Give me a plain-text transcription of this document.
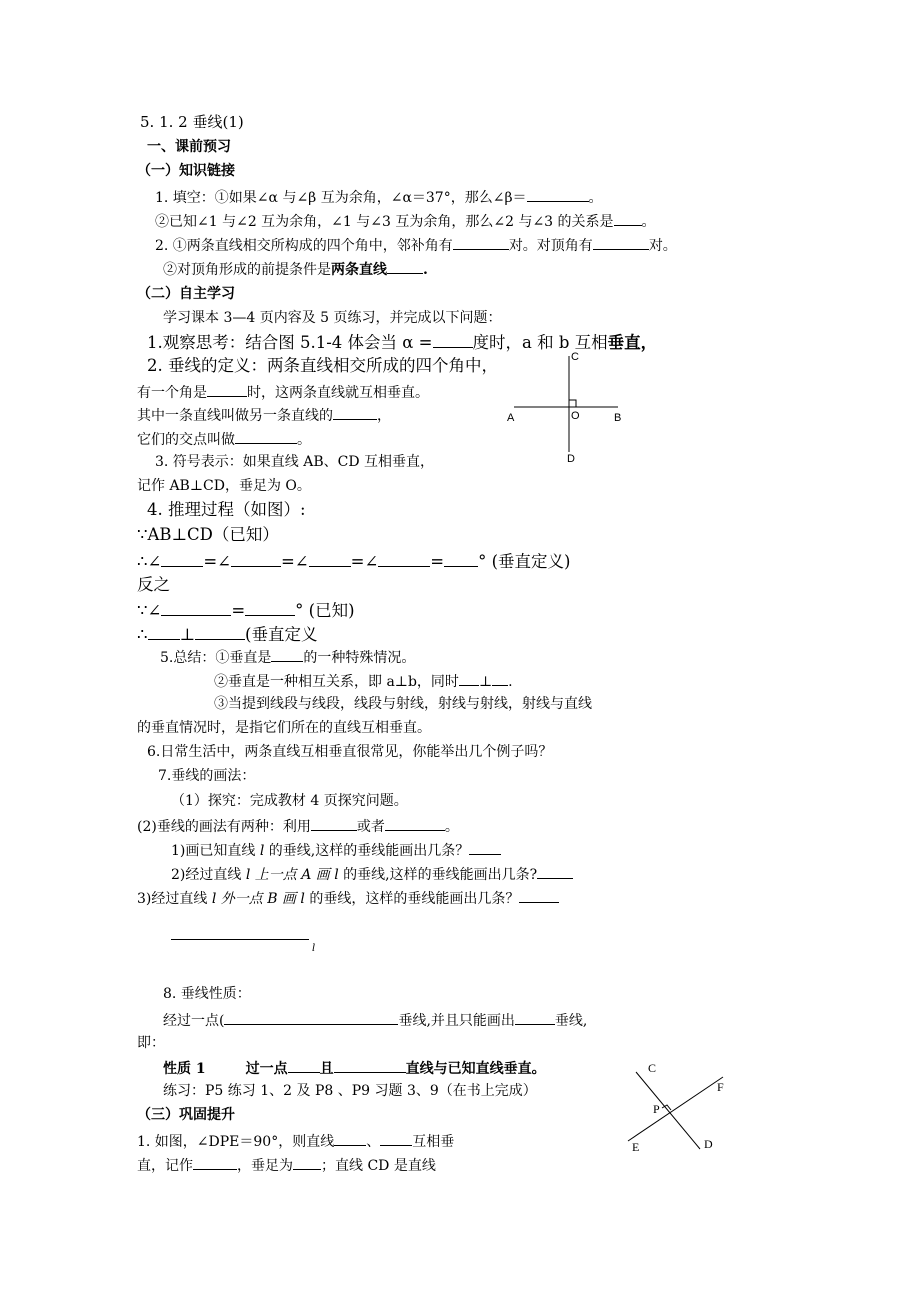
5. 1. 2 垂线(1)
一、课前预习
（一）知识链接
1. 填空：①如果∠α 与∠β 互为余角，∠α＝37°，那么∠β＝	。
②已知∠1 与∠2 互为余角，∠1 与∠3 互为余角，那么∠2 与∠3 的关系是 。
2. ①两条直线相交所构成的四个角中，邻补角有	对。对顶角有	对。
②对顶角形成的前提条件是两条直线	.
（二）自主学习
学习课本 3—4 页内容及 5 页练习，并完成以下问题：
1.观察思考：结合图 5.1-4 体会当 α = 度时，a 和 b 互相垂直，
2. 垂线的定义：两条直线相交所成的四个角中，
有一个角是	时，这两条直线就互相垂直。
其中一条直线叫做另一条直线的	，
它们的交点叫做	。
C
O
A	B
D
3. 符号表示：如果直线 AB、CD 互相垂直，
记作 AB⊥CD，垂足为 O。
4. 推理过程（如图）:
∵AB⊥CD（已知）
∴∠	=∠	=∠	=∠	= ° (垂直定义)
反之
∵∠	=	° (已知)
∴ ⊥	(垂直定义
5.总结：①垂直是 的一种特殊情况。
②垂直是一种相互关系，即 a⊥b，同时 ⊥ .
③当提到线段与线段，线段与射线，射线与射线，射线与直线
的垂直情况时，是指它们所在的直线互相垂直。
6.日常生活中，两条直线互相垂直很常见，你能举出几个例子吗？
7.垂线的画法：
（1）探究：完成教材 4 页探究问题。
(2)垂线的画法有两种：利用	或者	。
1)画已知直线 l 的垂线,这样的垂线能画出几条？
2)经过直线 l 上一点 A 画 l 的垂线,这样的垂线能画出几条?
3)经过直线 l 外一点 B 画 l 的垂线，这样的垂线能画出几条？
l
8. 垂线性质：
经过一点(	垂线,并且只能画出	垂线,
即：
性质 1	过一点 且	直线与已知直线垂直。
练习：P5 练习 1、2 及 P8 、P9 习题 3、9（在书上完成）
（三）巩固提升
1. 如图，∠DPE＝90°，则直线 、 互相垂
直，记作	，垂足为 ；直线 CD 是直线
C
F
P
E	D
